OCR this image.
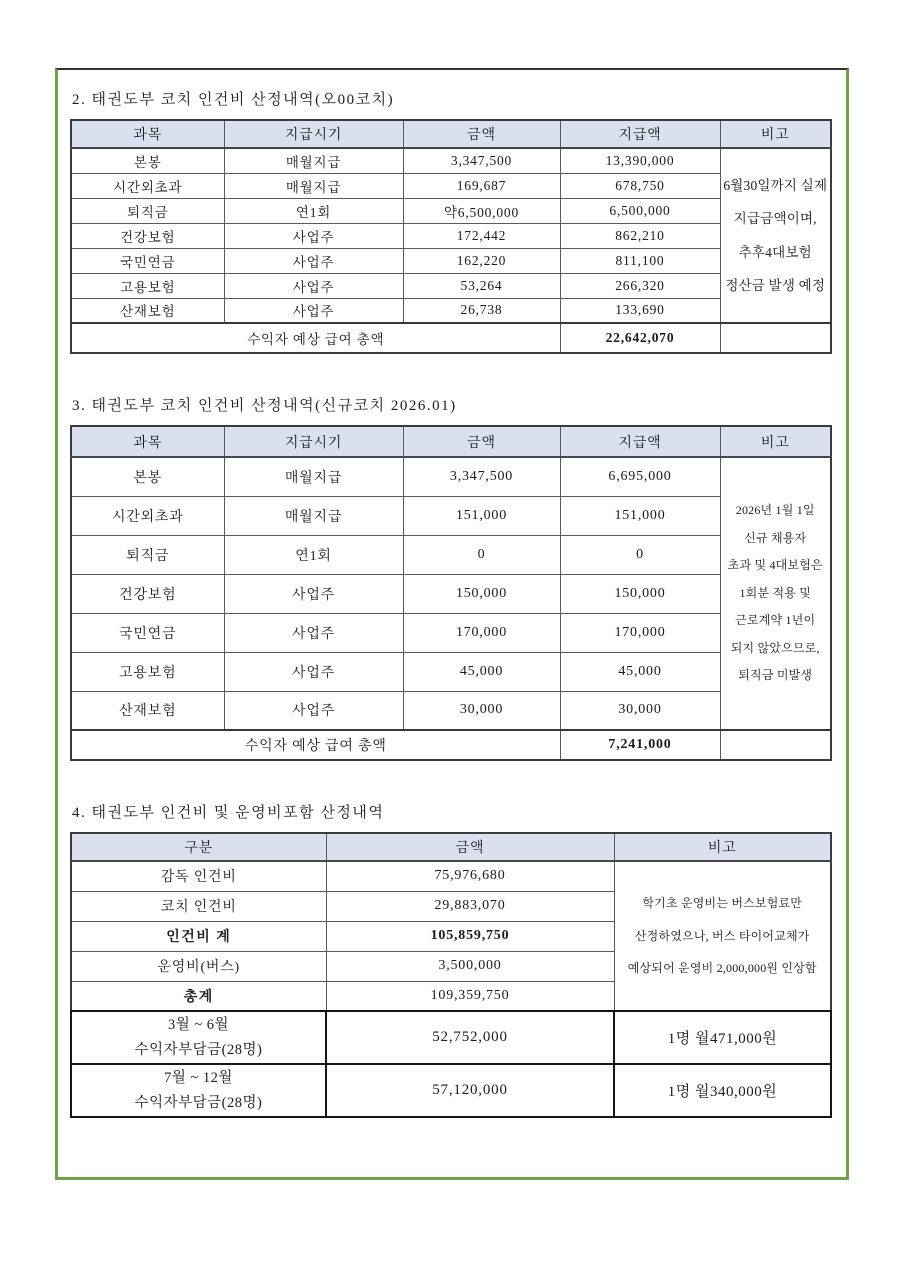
2. 태권도부 코치 인건비 산정내역(오00코치)
과목	지급시기	금액	지급액	비고
본봉	매월지급	3,347,500	13,390,000	6월30일까지 실제
지급금액이며,
추후4대보험
정산금 발생 예정

시간외초과	매월지급	169,687	678,750	
퇴직금	연1회	약6,500,000	6,500,000	
건강보험	사업주	172,442	862,210	
국민연금	사업주	162,220	811,100	
고용보험	사업주	53,264	266,320	
산재보험	사업주	26,738	133,690	
수익자 예상 급여 총액			22,642,070	
3. 태권도부 코치 인건비 산정내역(신규코치 2026.01)
과목	지급시기	금액	지급액	비고
본봉	매월지급	3,347,500	6,695,000	
2026년 1월 1일
신규 채용자
초과 및 4대보험은
1회분 적용 및
근로계약 1년이
되지 않았으므로,
퇴직금 미발생

시간외초과	매월지급	151,000	151,000	
퇴직금	연1회	0	0	
건강보험	사업주	150,000	150,000	
국민연금	사업주	170,000	170,000	
고용보험	사업주	45,000	45,000	
산재보험	사업주	30,000	30,000	
수익자 예상 급여 총액			7,241,000	
4. 태권도부 인건비 및 운영비포함 산정내역
구분	금액	비고
감독 인건비	75,976,680	학기초 운영비는 버스보험료만
산정하였으나, 버스 타이어교체가
예상되어 운영비 2,000,000원 인상함

코치 인건비	29,883,070	
인건비 계	105,859,750	
운영비(버스)	3,500,000	
총계	109,359,750	

3월 ~ 6월
수익자부담금(28명)	52,752,000	1명 월471,000원

7월 ~ 12월
수익자부담금(28명)	57,120,000	1명 월340,000원
